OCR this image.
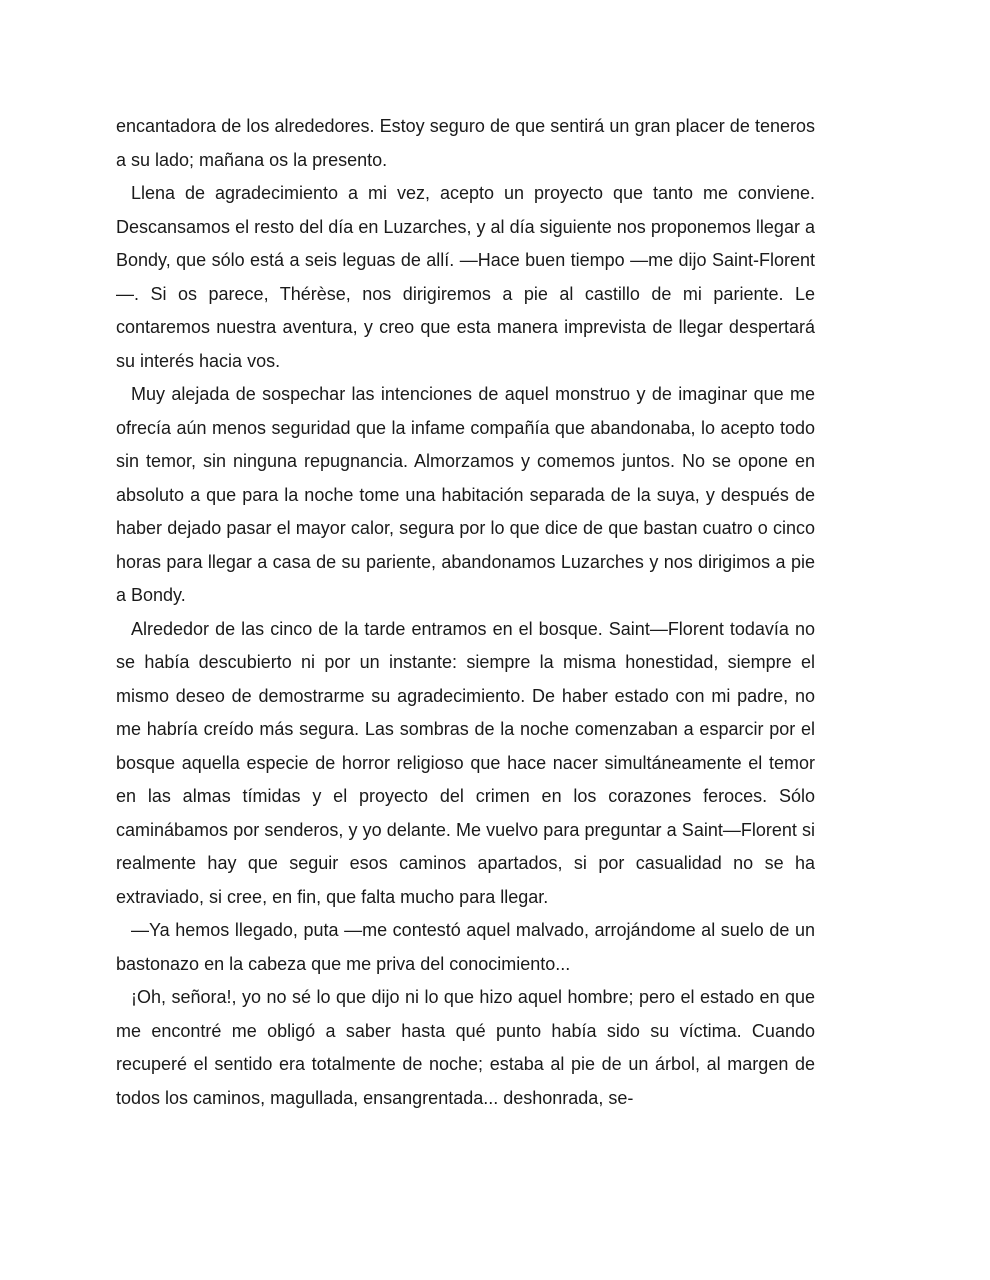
encantadora de los alrededores. Estoy seguro de que sentirá un gran placer de teneros a su lado; mañana os la presento.

Llena de agradecimiento a mi vez, acepto un proyecto que tanto me conviene. Descansamos el resto del día en Luzarches, y al día siguiente nos proponemos llegar a Bondy, que sólo está a seis leguas de allí. —Hace buen tiempo —me dijo Saint-Florent—. Si os parece, Thérèse, nos dirigiremos a pie al castillo de mi pariente. Le contaremos nuestra aventura, y creo que esta manera imprevista de llegar despertará su interés hacia vos.

Muy alejada de sospechar las intenciones de aquel monstruo y de imaginar que me ofrecía aún menos seguridad que la infame compañía que abandonaba, lo acepto todo sin temor, sin ninguna repugnancia. Almorzamos y comemos juntos. No se opone en absoluto a que para la noche tome una habitación separada de la suya, y después de haber dejado pasar el mayor calor, segura por lo que dice de que bastan cuatro o cinco horas para llegar a casa de su pariente, abandonamos Luzarches y nos dirigimos a pie a Bondy.

Alrededor de las cinco de la tarde entramos en el bosque. Saint—Florent todavía no se había descubierto ni por un instante: siempre la misma honestidad, siempre el mismo deseo de demostrarme su agradecimiento. De haber estado con mi padre, no me habría creído más segura. Las sombras de la noche comenzaban a esparcir por el bosque aquella especie de horror religioso que hace nacer simultáneamente el temor en las almas tímidas y el proyecto del crimen en los corazones feroces. Sólo caminábamos por senderos, y yo delante. Me vuelvo para preguntar a Saint—Florent si realmente hay que seguir esos caminos apartados, si por casualidad no se ha extraviado, si cree, en fin, que falta mucho para llegar.

—Ya hemos llegado, puta —me contestó aquel malvado, arrojándome al suelo de un bastonazo en la cabeza que me priva del conocimiento...

¡Oh, señora!, yo no sé lo que dijo ni lo que hizo aquel hombre; pero el estado en que me encontré me obligó a saber hasta qué punto había sido su víctima. Cuando recuperé el sentido era totalmente de noche; estaba al pie de un árbol, al margen de todos los caminos, magullada, ensangrentada... deshonrada, se-
